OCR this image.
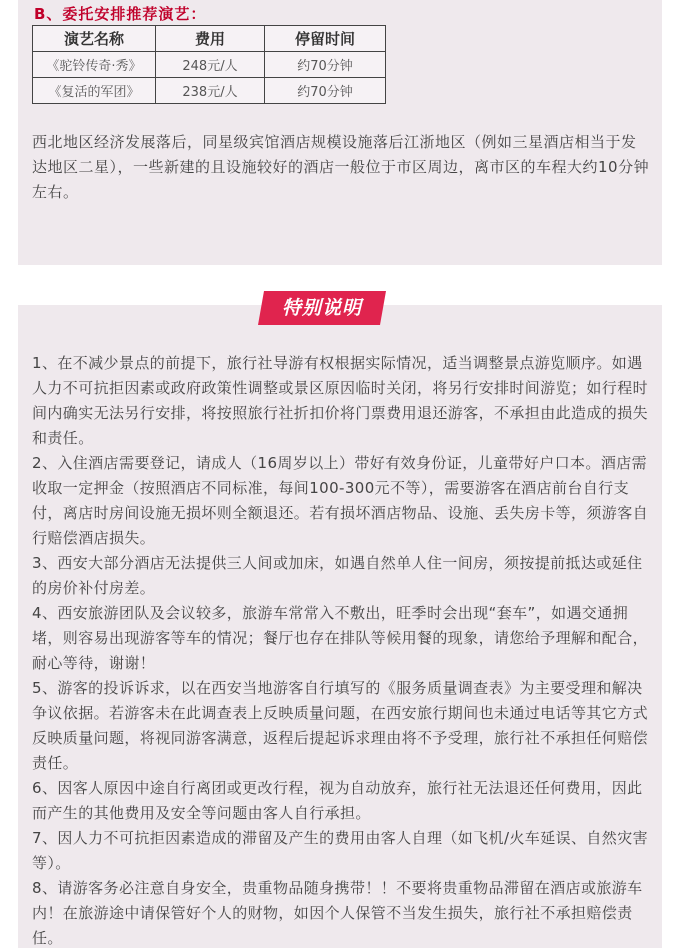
B、委托安排推荐演艺：
演艺名称	费用	停留时间
《驼铃传奇·秀》	248元/人	约70分钟
《复活的军团》	238元/人	约70分钟
西北地区经济发展落后，同星级宾馆酒店规模设施落后江浙地区（例如三星酒店相当于发达地区二星），一些新建的且设施较好的酒店一般位于市区周边，离市区的车程大约10分钟左右。

1、在不减少景点的前提下，旅行社导游有权根据实际情况，适当调整景点游览顺序。如遇人力不可抗拒因素或政府政策性调整或景区原因临时关闭，将另行安排时间游览；如行程时间内确实无法另行安排，将按照旅行社折扣价将门票费用退还游客，不承担由此造成的损失和责任。

2、入住酒店需要登记，请成人（16周岁以上）带好有效身份证，儿童带好户口本。酒店需收取一定押金（按照酒店不同标准，每间100-300元不等），需要游客在酒店前台自行支付，离店时房间设施无损坏则全额退还。若有损坏酒店物品、设施、丢失房卡等，须游客自行赔偿酒店损失。

3、西安大部分酒店无法提供三人间或加床，如遇自然单人住一间房，须按提前抵达或延住的房价补付房差。

4、西安旅游团队及会议较多，旅游车常常入不敷出，旺季时会出现“套车”，如遇交通拥堵，则容易出现游客等车的情况；餐厅也存在排队等候用餐的现象，请您给予理解和配合，耐心等待，谢谢！

5、游客的投诉诉求，以在西安当地游客自行填写的《服务质量调查表》为主要受理和解决争议依据。若游客未在此调查表上反映质量问题，在西安旅行期间也未通过电话等其它方式反映质量问题，将视同游客满意，返程后提起诉求理由将不予受理，旅行社不承担任何赔偿责任。

6、因客人原因中途自行离团或更改行程，视为自动放弃，旅行社无法退还任何费用，因此而产生的其他费用及安全等问题由客人自行承担。

7、因人力不可抗拒因素造成的滞留及产生的费用由客人自理（如飞机/火车延误、自然灾害等）。

8、请游客务必注意自身安全，贵重物品随身携带！！不要将贵重物品滞留在酒店或旅游车内！在旅游途中请保管好个人的财物，如因个人保管不当发生损失，旅行社不承担赔偿责任。

特别说明
